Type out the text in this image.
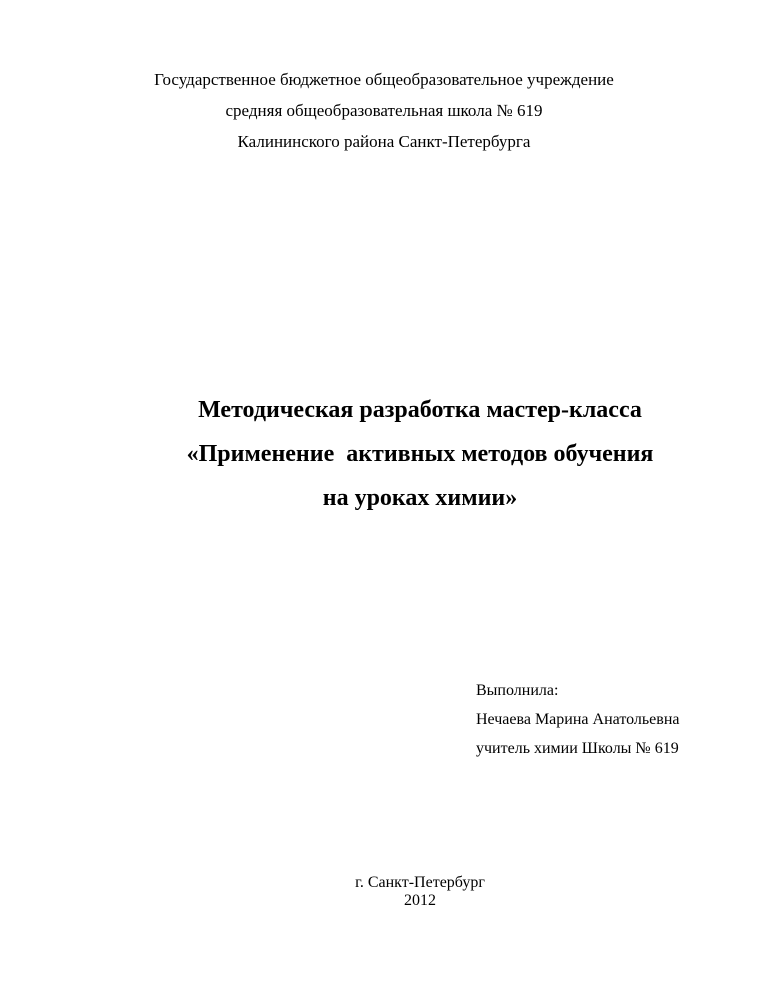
Государственное бюджетное общеобразовательное учреждение
средняя общеобразовательная школа № 619
Калининского района Санкт-Петербурга
Методическая разработка мастер-класса
«Применение  активных методов обучения
на уроках химии»
Выполнила:
Нечаева Марина Анатольевна
учитель химии Школы № 619
г. Санкт-Петербург
2012
